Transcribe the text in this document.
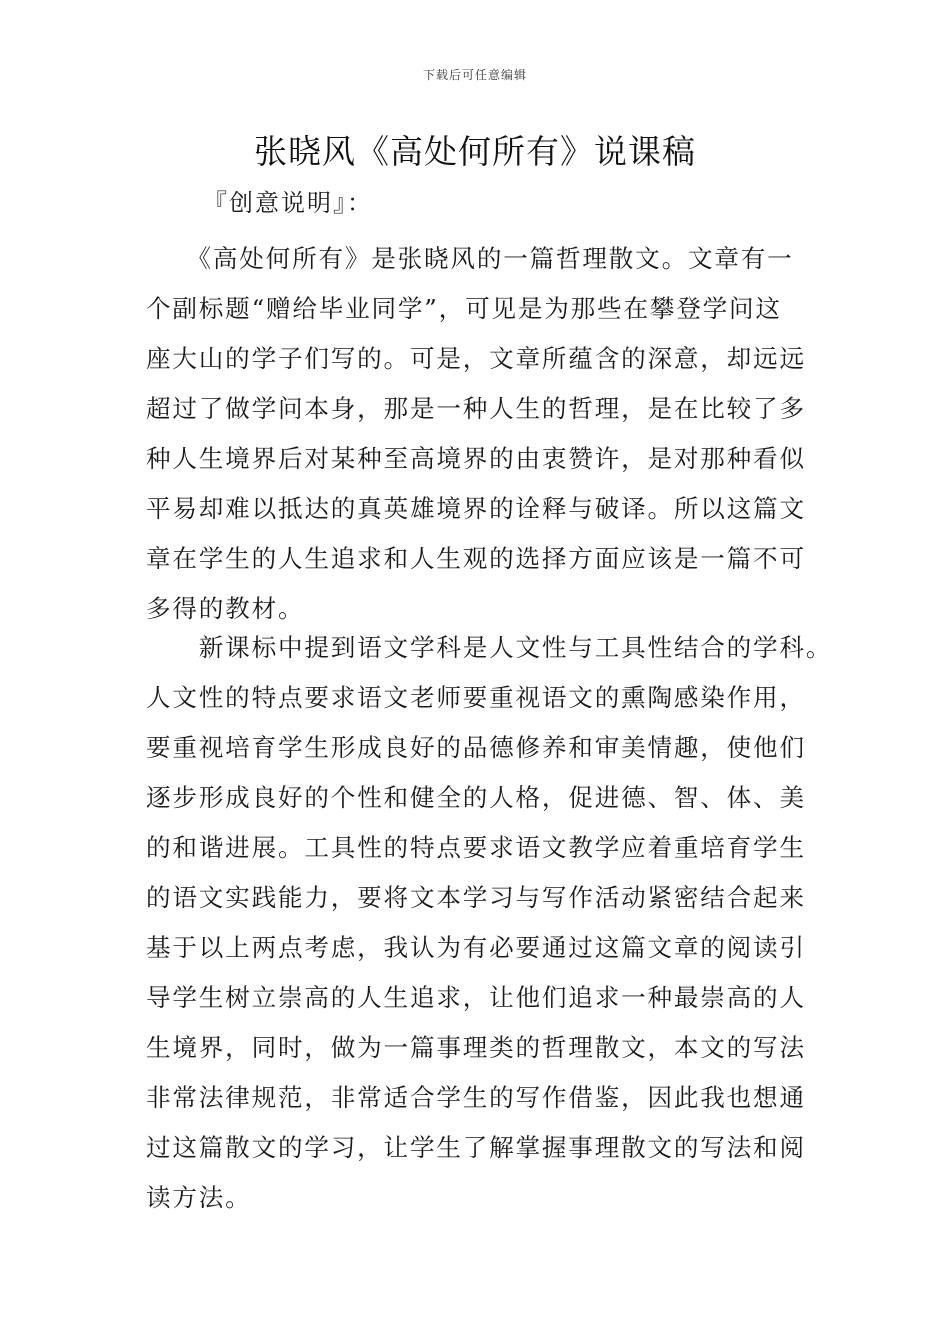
下载后可任意编辑
张晓风《高处何所有》说课稿
『创意说明』：
　　《高处何所有》是张晓风的一篇哲理散文。文章有一
个副标题“赠给毕业同学”，可见是为那些在攀登学问这
座大山的学子们写的。可是，文章所蕴含的深意，却远远
超过了做学问本身，那是一种人生的哲理，是在比较了多
种人生境界后对某种至高境界的由衷赞许，是对那种看似
平易却难以抵达的真英雄境界的诠释与破译。所以这篇文
章在学生的人生追求和人生观的选择方面应该是一篇不可
多得的教材。
　　新课标中提到语文学科是人文性与工具性结合的学科。
人文性的特点要求语文老师要重视语文的熏陶感染作用，
要重视培育学生形成良好的品德修养和审美情趣，使他们
逐步形成良好的个性和健全的人格，促进德、智、体、美
的和谐进展。工具性的特点要求语文教学应着重培育学生
的语文实践能力，要将文本学习与写作活动紧密结合起来
基于以上两点考虑，我认为有必要通过这篇文章的阅读引
导学生树立崇高的人生追求，让他们追求一种最崇高的人
生境界，同时，做为一篇事理类的哲理散文，本文的写法
非常法律规范，非常适合学生的写作借鉴，因此我也想通
过这篇散文的学习，让学生了解掌握事理散文的写法和阅
读方法。
